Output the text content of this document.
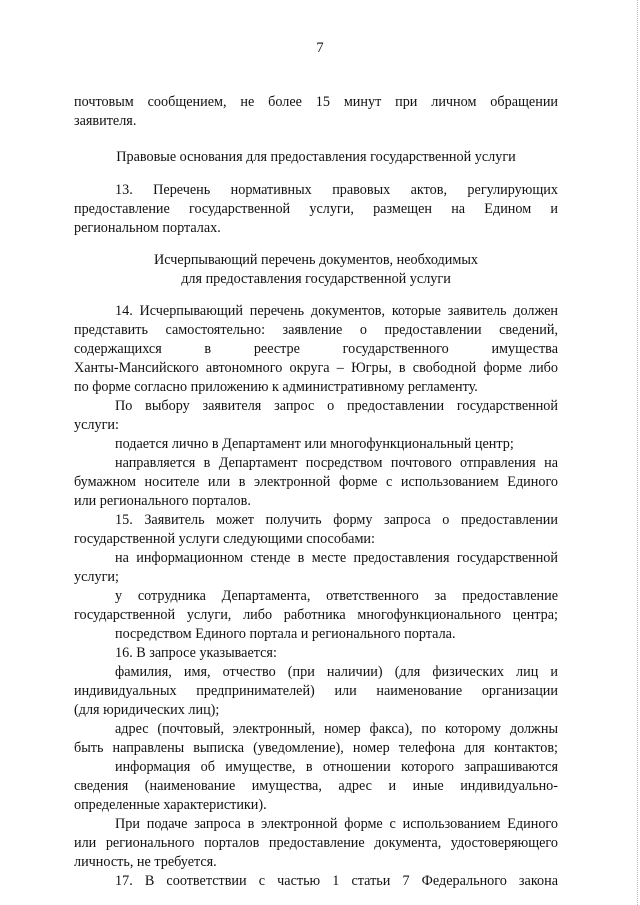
7
почтовым сообщением, не более 15 минут при личном обращении
заявителя.
Правовые основания для предоставления государственной услуги
13. Перечень нормативных правовых актов, регулирующих
предоставление государственной услуги, размещен на Едином и
региональном порталах.
Исчерпывающий перечень документов, необходимых
для предоставления государственной услуги
14. Исчерпывающий перечень документов, которые заявитель должен
представить самостоятельно: заявление о предоставлении сведений,
содержащихся в реестре государственного имущества
Ханты-Мансийского автономного округа – Югры, в свободной форме либо
по форме согласно приложению к административному регламенту.
По выбору заявителя запрос о предоставлении государственной
услуги:
подается лично в Департамент или многофункциональный центр;
направляется в Департамент посредством почтового отправления на
бумажном носителе или в электронной форме с использованием Единого
или регионального порталов.
15. Заявитель может получить форму запроса о предоставлении
государственной услуги следующими способами:
на информационном стенде в месте предоставления государственной
услуги;
у сотрудника Департамента, ответственного за предоставление
государственной услуги, либо работника многофункционального центра;
посредством Единого портала и регионального портала.
16. В запросе указывается:
фамилия, имя, отчество (при наличии) (для физических лиц и
индивидуальных предпринимателей) или наименование организации
(для юридических лиц);
адрес (почтовый, электронный, номер факса), по которому должны
быть направлены выписка (уведомление), номер телефона для контактов;
информация об имуществе, в отношении которого запрашиваются
сведения (наименование имущества, адрес и иные индивидуально-
определенные характеристики).
При подаче запроса в электронной форме с использованием Единого
или регионального порталов предоставление документа, удостоверяющего
личность, не требуется.
17. В соответствии с частью 1 статьи 7 Федерального закона
